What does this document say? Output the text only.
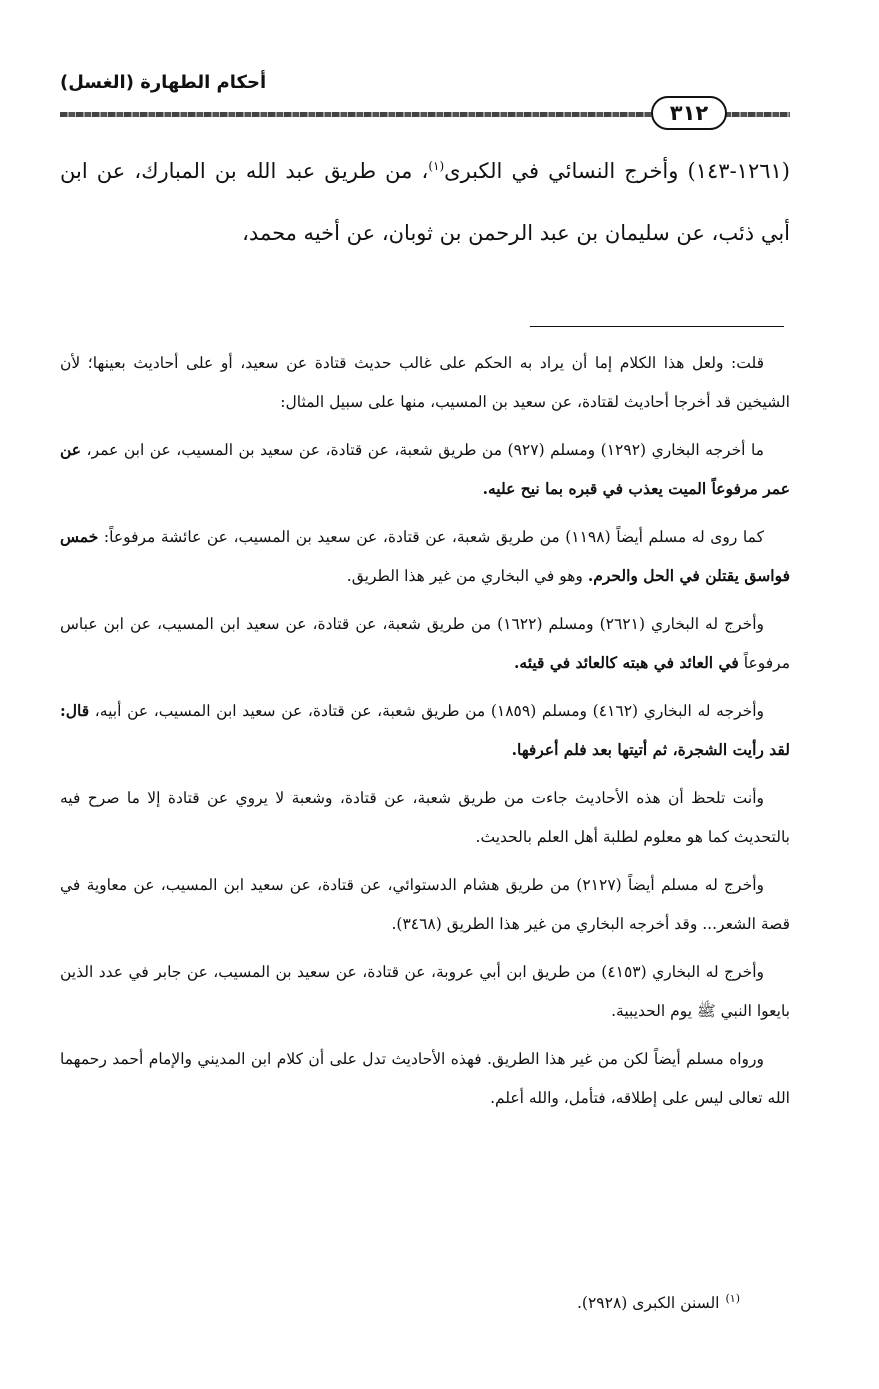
أحكام الطهارة (الغسل)
٣١٢

(١٢٦١-١٤٣) وأخرج النسائي في الكبرى$^{(١)}$، من طريق عبد الله بن المبارك، عن ابن أبي ذئب، عن سليمان بن عبد الرحمن بن ثوبان، عن أخيه محمد،

قلت: ولعل هذا الكلام إما أن يراد به الحكم على غالب حديث قتادة عن سعيد، أو على أحاديث بعينها؛ لأن الشيخين قد أخرجا أحاديث لقتادة، عن سعيد بن المسيب، منها على سبيل المثال:

ما أخرجه البخاري (١٢٩٢) ومسلم (٩٢٧) من طريق شعبة، عن قتادة، عن سعيد بن المسيب، عن ابن عمر، عن عمر مرفوعاً الميت يعذب في قبره بما نيح عليه.

كما روى له مسلم أيضاً (١١٩٨) من طريق شعبة، عن قتادة، عن سعيد بن المسيب، عن عائشة مرفوعاً: خمس فواسق يقتلن في الحل والحرم. وهو في البخاري من غير هذا الطريق.

وأخرج له البخاري (٢٦٢١) ومسلم (١٦٢٢) من طريق شعبة، عن قتادة، عن سعيد ابن المسيب، عن ابن عباس مرفوعاً في العائد في هبته كالعائد في قيئه.

وأخرجه له البخاري (٤١٦٢) ومسلم (١٨٥٩) من طريق شعبة، عن قتادة، عن سعيد ابن المسيب، عن أبيه، قال: لقد رأيت الشجرة، ثم أتيتها بعد فلم أعرفها.

وأنت تلحظ أن هذه الأحاديث جاءت من طريق شعبة، عن قتادة، وشعبة لا يروي عن قتادة إلا ما صرح فيه بالتحديث كما هو معلوم لطلبة أهل العلم بالحديث.

وأخرج له مسلم أيضاً (٢١٢٧) من طريق هشام الدستوائي، عن قتادة، عن سعيد ابن المسيب، عن معاوية في قصة الشعر... وقد أخرجه البخاري من غير هذا الطريق (٣٤٦٨).

وأخرج له البخاري (٤١٥٣) من طريق ابن أبي عروبة، عن قتادة، عن سعيد بن المسيب، عن جابر في عدد الذين بايعوا النبي ﷺ يوم الحديبية.

ورواه مسلم أيضاً لكن من غير هذا الطريق. فهذه الأحاديث تدل على أن كلام ابن المديني والإمام أحمد رحمهما الله تعالى ليس على إطلاقه، فتأمل، والله أعلم.

$^{(١)}$السنن الكبرى (٢٩٢٨).
